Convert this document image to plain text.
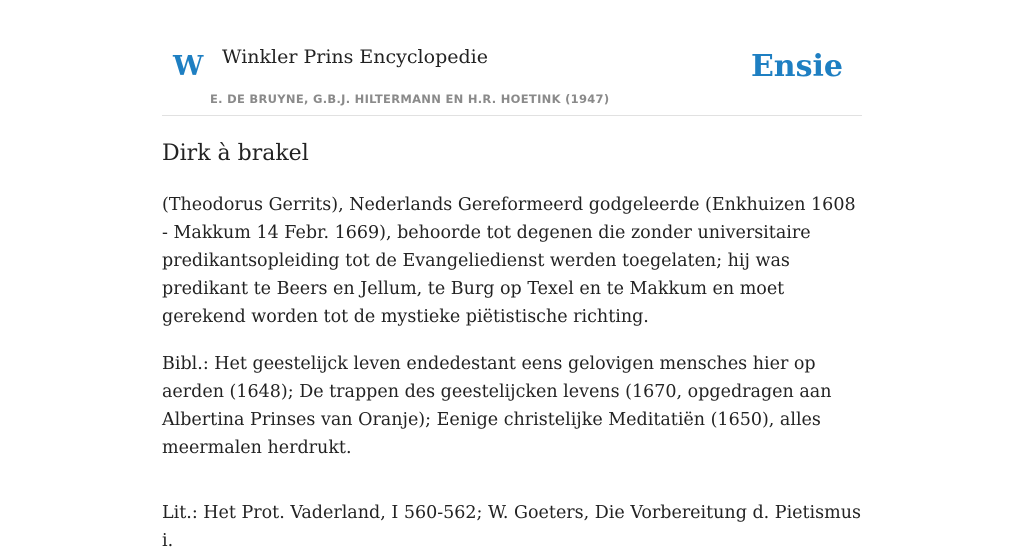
W Winkler Prins Encyclopedie
E. DE BRUYNE, G.B.J. HILTERMANN EN H.R. HOETINK (1947)
Ensie
Dirk à brakel

(Theodorus Gerrits), Nederlands Gereformeerd godgeleerde (Enkhuizen 1608 - Makkum 14 Febr. 1669), behoorde tot degenen die zonder universitaire predikantsopleiding tot de Evangeliedienst werden toegelaten; hij was predikant te Beers en Jellum, te Burg op Texel en te Makkum en moet gerekend worden tot de mystieke piëtistische richting.

Bibl.: Het geestelijck leven endedestant eens gelovigen mensches hier op aerden (1648); De trappen des geestelijcken levens (1670, opgedragen aan Albertina Prinses van Oranje); Eenige christelijke Meditatiën (1650), alles meermalen herdrukt.

Lit.: Het Prot. Vaderland, I 560-562; W. Goeters, Die Vorbereitung d. Pietismus i.
